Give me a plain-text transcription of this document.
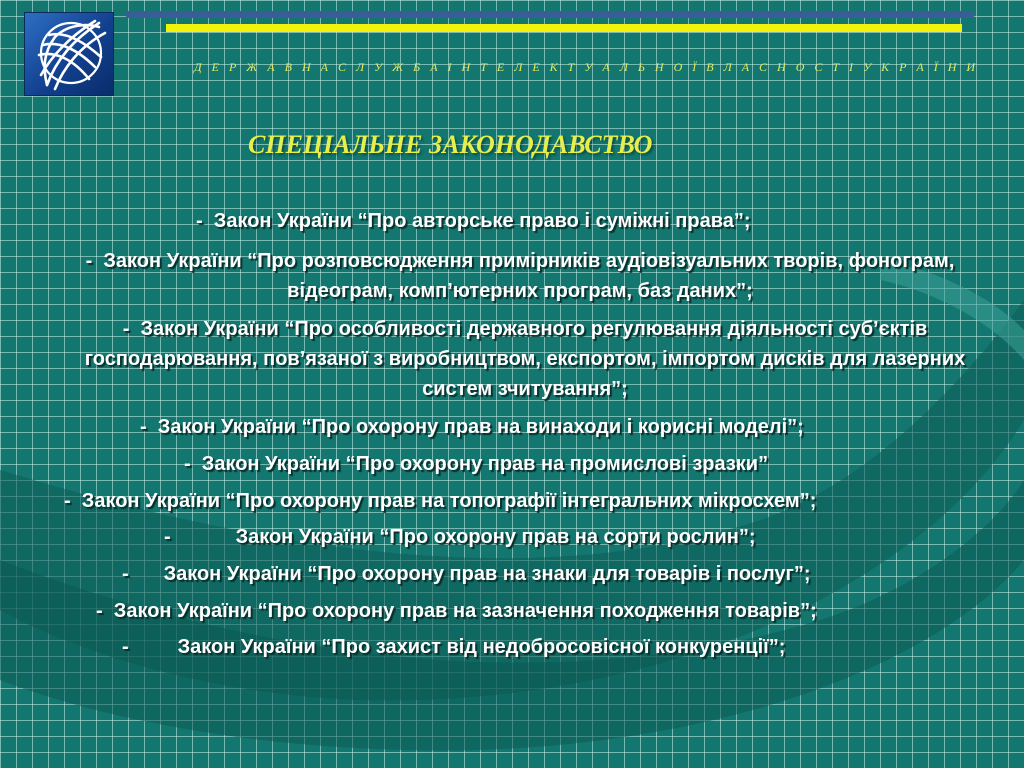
Д Е Р Ж А В Н А С Л У Ж Б А І Н Т Е Л Е К Т У А Л Ь Н О Ї В Л А С Н О С Т І У К Р А Ї Н И
СПЕЦІАЛЬНЕ ЗАКОНОДАВСТВО
- Закон України “Про авторське право і суміжні права”;
- Закон України “Про розповсюдження примірників аудіовізуальних творів, фонограм, відеограм, комп’ютерних програм, баз даних”;
- Закон України “Про особливості державного регулювання діяльності суб’єктів господарювання, пов’язаної з виробництвом, експортом, імпортом дисків для лазерних систем зчитування”;
- Закон України “Про охорону прав на винаходи і корисні моделі”;
- Закон України “Про охорону прав на промислові зразки”
- Закон України “Про охорону прав на топографії інтегральних мікросхем”;
-	Закон України “Про охорону прав на сорти рослин”;
- Закон України “Про охорону прав на знаки для товарів і послуг”;
- Закон України “Про охорону прав на зазначення походження товарів”;
- Закон України “Про захист від недобросовісної конкуренції”;
